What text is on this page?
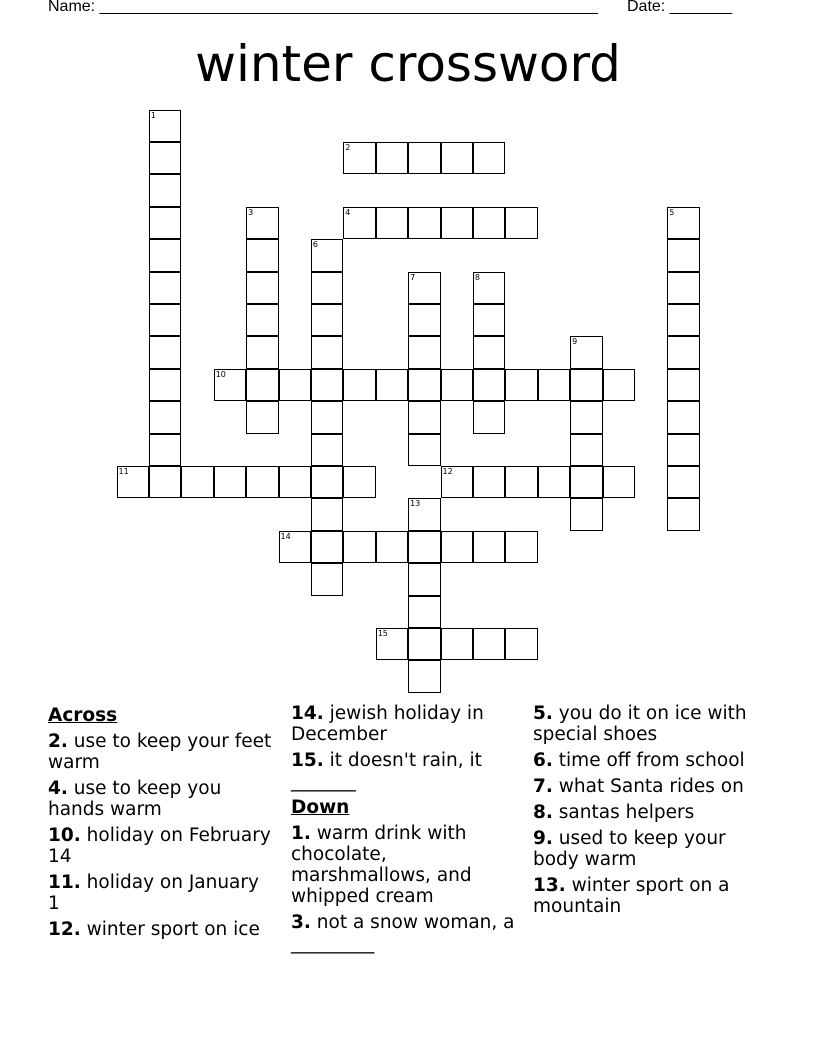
Name: ________________________________________________________ Date: _______
winter crossword
1
2
3	4	5
6
7	8
9
10
11	12
13
14
15
Across
2. use to keep your feet warm
4. use to keep you hands warm
10. holiday on February 14
11. holiday on January 1
12. winter sport on ice
14. jewish holiday in December
15. it doesn't rain, it _______
Down
1. warm drink with chocolate, marshmallows, and whipped cream
3. not a snow woman, a _________
5. you do it on ice with special shoes
6. time off from school
7. what Santa rides on
8. santas helpers
9. used to keep your body warm
13. winter sport on a mountain
